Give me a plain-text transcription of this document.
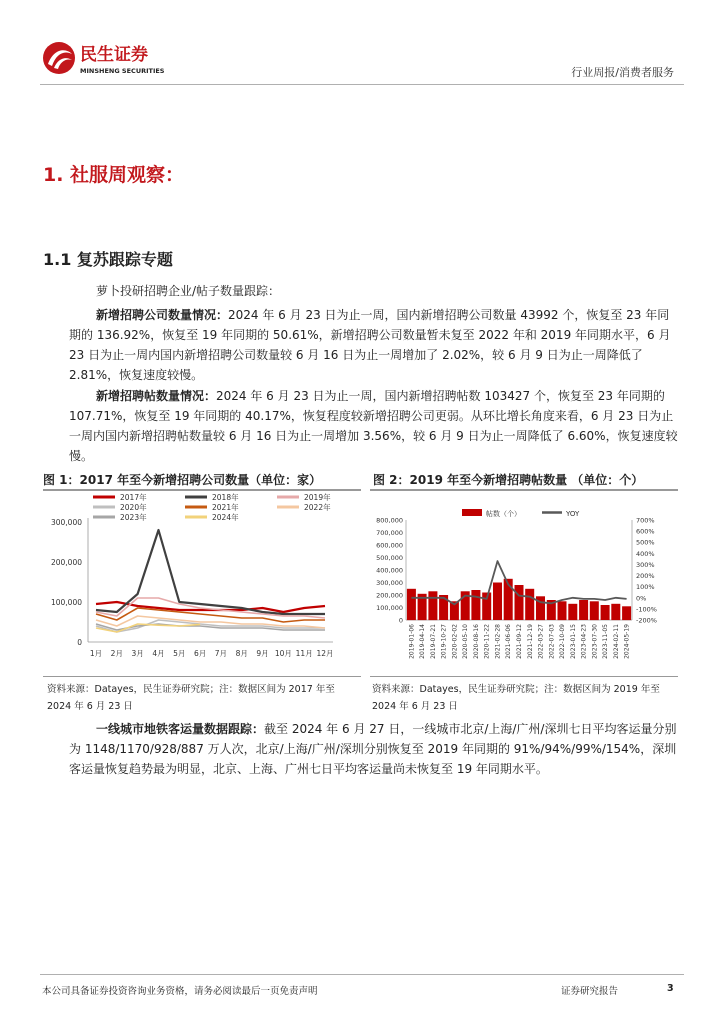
民生证券
MINSHENG SECURITIES	行业周报/消费者服务
1. 社服周观察：
1.1 复苏跟踪专题
萝卜投研招聘企业/帖子数量跟踪：
新增招聘公司数量情况：2024 年 6 月 23 日为止一周，国内新增招聘公司数量 43992 个，恢复至 23 年同期的 136.92%，恢复至 19 年同期的 50.61%，新增招聘公司数量暂未复至 2022 年和 2019 年同期水平，6 月 23 日为止一周内国内新增招聘公司数量较 6 月 16 日为止一周增加了 2.02%，较 6 月 9 日为止一周降低了 2.81%，恢复速度较慢。
新增招聘帖数量情况：2024 年 6 月 23 日为止一周，国内新增招聘帖数 103427 个，恢复至 23 年同期的 107.71%，恢复至 19 年同期的 40.17%，恢复程度较新增招聘公司更弱。从环比增长角度来看，6 月 23 日为止一周内国内新增招聘帖数量较 6 月 16 日为止一周增加 3.56%，较 6 月 9 日为止一周降低了 6.60%，恢复速度较慢。
图 1：2017 年至今新增招聘公司数量（单位：家）
2017年	2018年	2019年
2020年	2021年	2022年
2023年	2024年
0
100,000
200,000
300,000
1月 2月 3月 4月 5月 6月 7月 8月 9月 10月 11月 12月
资料来源：Datayes，民生证券研究院；注：数据区间为 2017 年至 2024 年 6 月 23 日
图 2：2019 年至今新增招聘帖数量 （单位：个）
帖数（个）	YOY
0
100,000
200,000
300,000
400,000
500,000
600,000
700,000
800,000
-200%
-100%
0%
100%
200%
300%
400%
500%
600%
700%
2019-01-06 2019-04-14 2019-07-21 2019-10-27 2020-02-02 2020-05-10 2020-08-16 2020-11-22 2021-02-28 2021-06-06 2021-09-12 2021-12-19 2022-03-27 2022-07-03 2022-10-09 2023-01-15 2023-04-23 2023-07-30 2023-11-05 2024-02-11 2024-05-19
资料来源：Datayes，民生证券研究院；注：数据区间为 2019 年至 2024 年 6 月 23 日
一线城市地铁客运量数据跟踪：截至 2024 年 6 月 27 日，一线城市北京/上海/广州/深圳七日平均客运量分别为 1148/1170/928/887 万人次，北京/上海/广州/深圳分别恢复至 2019 年同期的 91%/94%/99%/154%，深圳客运量恢复趋势最为明显，北京、上海、广州七日平均客运量尚未恢复至 19 年同期水平。
本公司具备证券投资咨询业务资格，请务必阅读最后一页免责声明	证券研究报告	3
